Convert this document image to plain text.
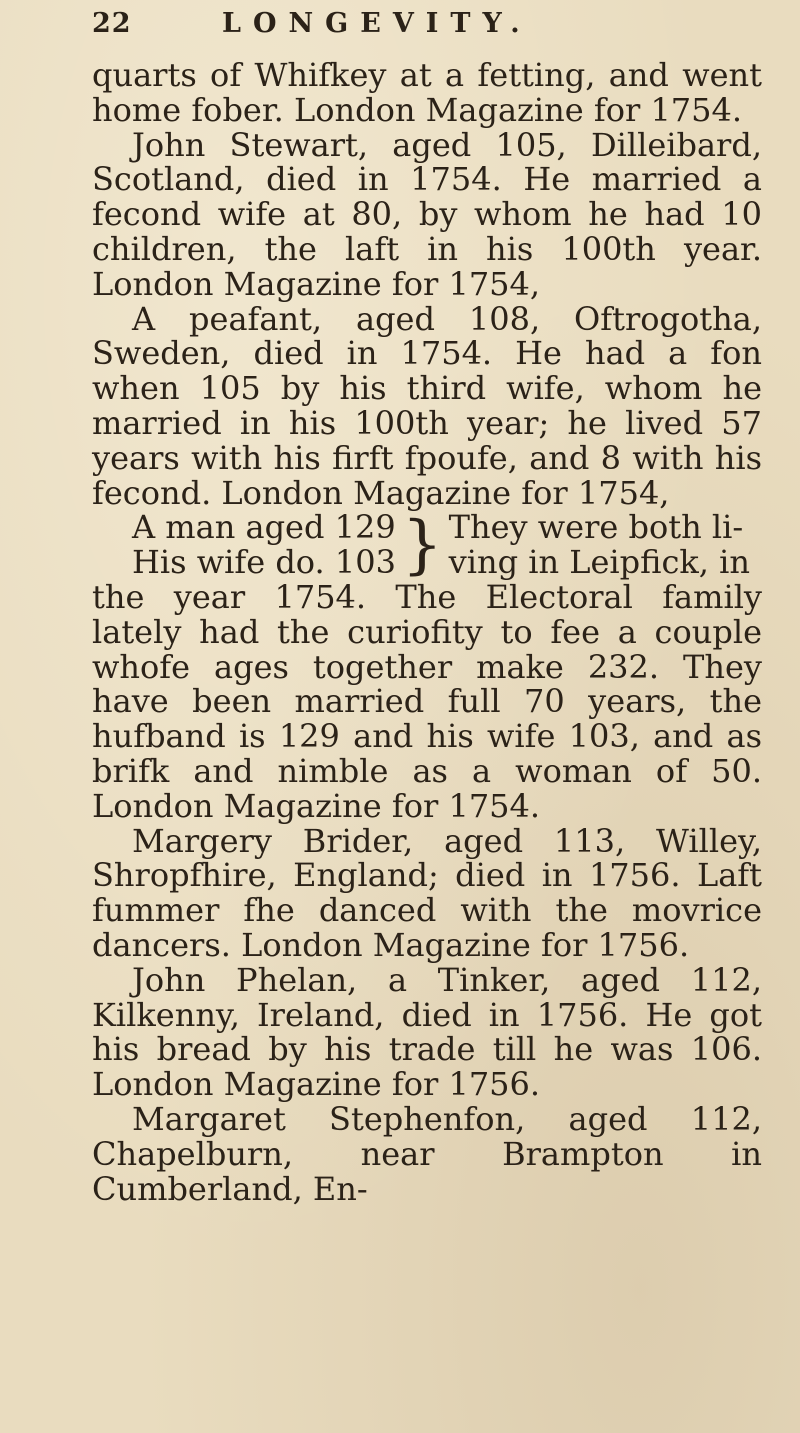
22	LONGEVITY.

quarts of Whifkey at a fetting, and went home fober. London Magazine for 1754.

John Stewart, aged 105, Dilleibard, Scotland, died in 1754. He married a fecond wife at 80, by whom he had 10 children, the laft in his 100th year. London Magazine for 1754,

A peafant, aged 108, Oftrogotha, Sweden, died in 1754. He had a fon when 105 by his third wife, whom he married in his 100th year; he lived 57 years with his firft fpoufe, and 8 with his fecond. London Magazine for 1754,

A man aged 129
His wife do. 103 } They were both li-
ving in Leipfick, in

the year 1754. The Electoral family lately had the curiofity to fee a couple whofe ages together make 232. They have been married full 70 years, the hufband is 129 and his wife 103, and as brifk and nimble as a woman of 50. London Magazine for 1754.

Margery Brider, aged 113, Willey, Shropfhire, England; died in 1756. Laft fummer fhe danced with the movrice dancers. London Magazine for 1756.

John Phelan, a Tinker, aged 112, Kilkenny, Ireland, died in 1756. He got his bread by his trade till he was 106. London Magazine for 1756.

Margaret Stephenfon, aged 112, Chapelburn, near Brampton in Cumberland, En-
